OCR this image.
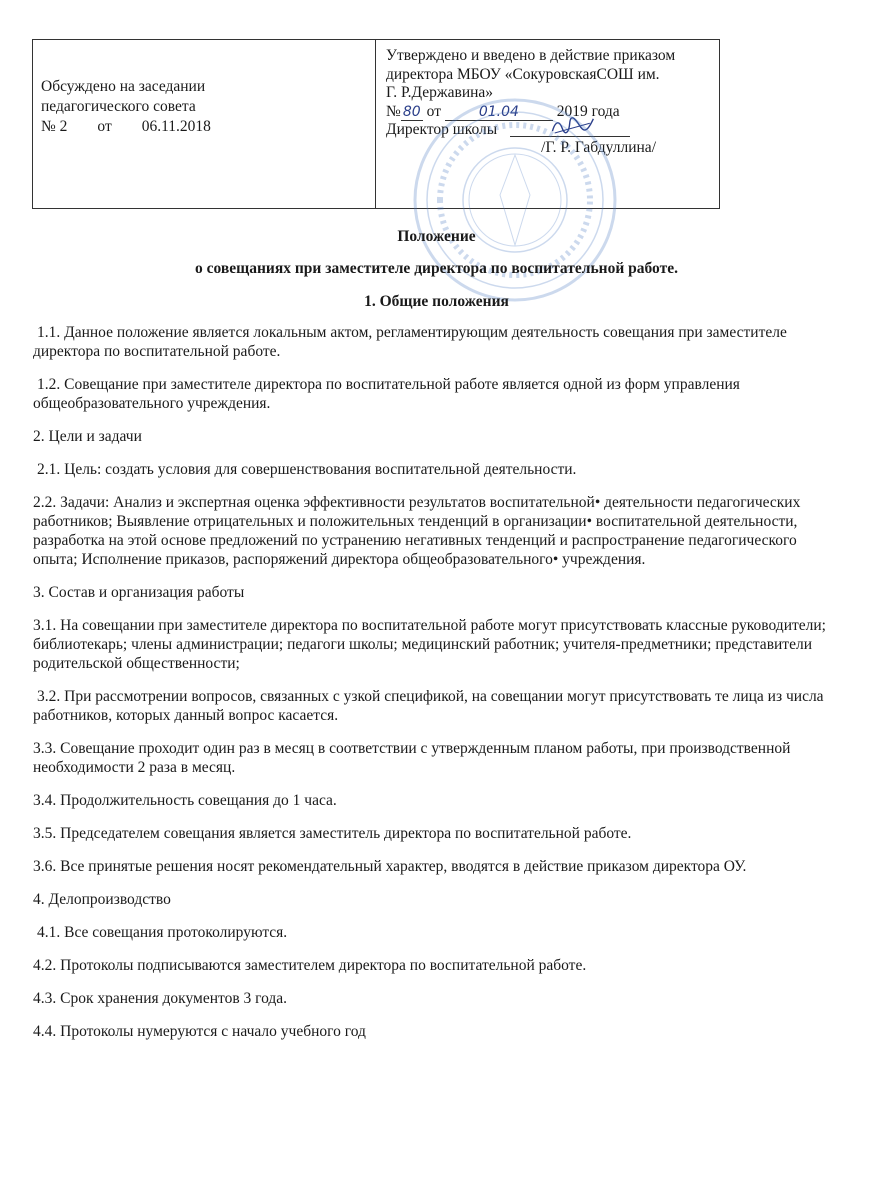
Обсуждено на заседании
педагогического совета
№ 2 от 06.11.2018
Утверждено и введено в действие приказом
директора МБОУ «СокуровскаяСОШ им.
Г. Р.Державина»
№ 80 от	01.04 2019 года
Директор школы
/Г. Р. Габдуллина/
Положение
о совещаниях при заместителе директора по воспитательной работе.
1. Общие положения

1.1. Данное положение является локальным актом, регламентирующим деятельность совещания при заместителе директора по воспитательной работе.

1.2. Совещание при заместителе директора по воспитательной работе является одной из форм управления общеобразовательного учреждения.

2. Цели и задачи

2.1. Цель: создать условия для совершенствования воспитательной деятельности.

2.2. Задачи: Анализ и экспертная оценка эффективности результатов воспитательной• деятельности педагогических работников; Выявление отрицательных и положительных тенденций в организации• воспитательной деятельности, разработка на этой основе предложений по устранению негативных тенденций и распространение педагогического опыта; Исполнение приказов, распоряжений директора общеобразовательного• учреждения.

3. Состав и организация работы

3.1. На совещании при заместителе директора по воспитательной работе могут присутствовать классные руководители; библиотекарь; члены администрации; педагоги школы; медицинский работник; учителя-предметники; представители родительской общественности;

3.2. При рассмотрении вопросов, связанных с узкой спецификой, на совещании могут присутствовать те лица из числа работников, которых данный вопрос касается.

3.3. Совещание проходит один раз в месяц в соответствии с утвержденным планом работы, при производственной необходимости 2 раза в месяц.

3.4. Продолжительность совещания до 1 часа.

3.5. Председателем совещания является заместитель директора по воспитательной работе.

3.6. Все принятые решения носят рекомендательный характер, вводятся в действие приказом директора ОУ.

4. Делопроизводство

4.1. Все совещания протоколируются.

4.2. Протоколы подписываются заместителем директора по воспитательной работе.

4.3. Срок хранения документов 3 года.

4.4. Протоколы нумеруются с начало учебного год
